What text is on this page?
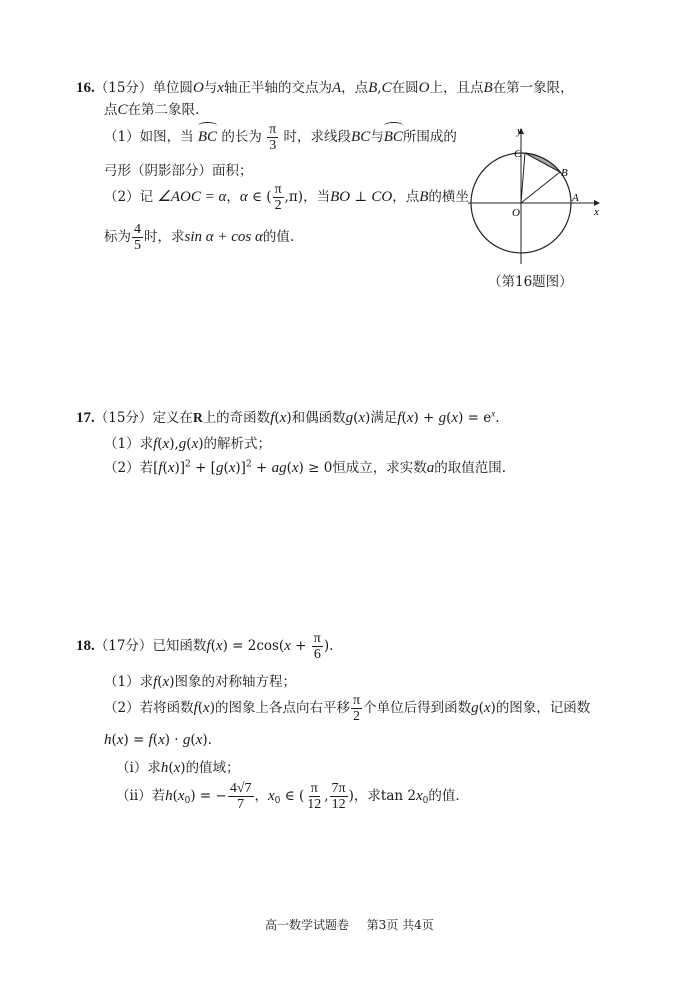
16.（15分）单位圆O与x轴正半轴的交点为A，点B,C在圆O上，且点B在第一象限，
点C在第二象限.
（1）如图，当 BC 的长为 $\frac{\pi}{3}$ 时，求线段BC与BC所围成的
弓形（阴影部分）面积；
（2）记 ∠AOC = α，α ∈ ( $\frac{\pi}{2} ,\pi$)，当BO ⊥ CO，点B的横坐
标为 $\frac{4}{5}$ 时，求sin α + cos α的值.
y
x
O
A
B
C
（第16题图）
17.（15分）定义在R上的奇函数f(x)和偶函数g(x)满足$f(x) + g(x) = e^x$.
（1）求f(x),g(x)的解析式；
（2）若$[f(x)]^2 + [g(x)]^2 + ag(x) \ge 0$恒成立，求实数a的取值范围.
18.（17分）已知函数$f(x) = 2\cos(x + \frac{\pi}{6}$ ).
（1）求f(x)图象的对称轴方程；
（2）若将函数f(x)的图象上各点向右平移 $\frac{\pi}{2}$ 个单位后得到函数g(x)的图象，记函数
h(x) = f(x) · g(x).
（i）求h(x)的值域；
（ii）若$h(x_0)$ = − $\frac{4√7}{7}$ ，$x_0$ ∈ ( $\frac{\pi}{12}$ , $\frac{7\pi}{12}$ )，求$\tan 2x_0$的值.
高一数学试题卷 第3页 共4页
